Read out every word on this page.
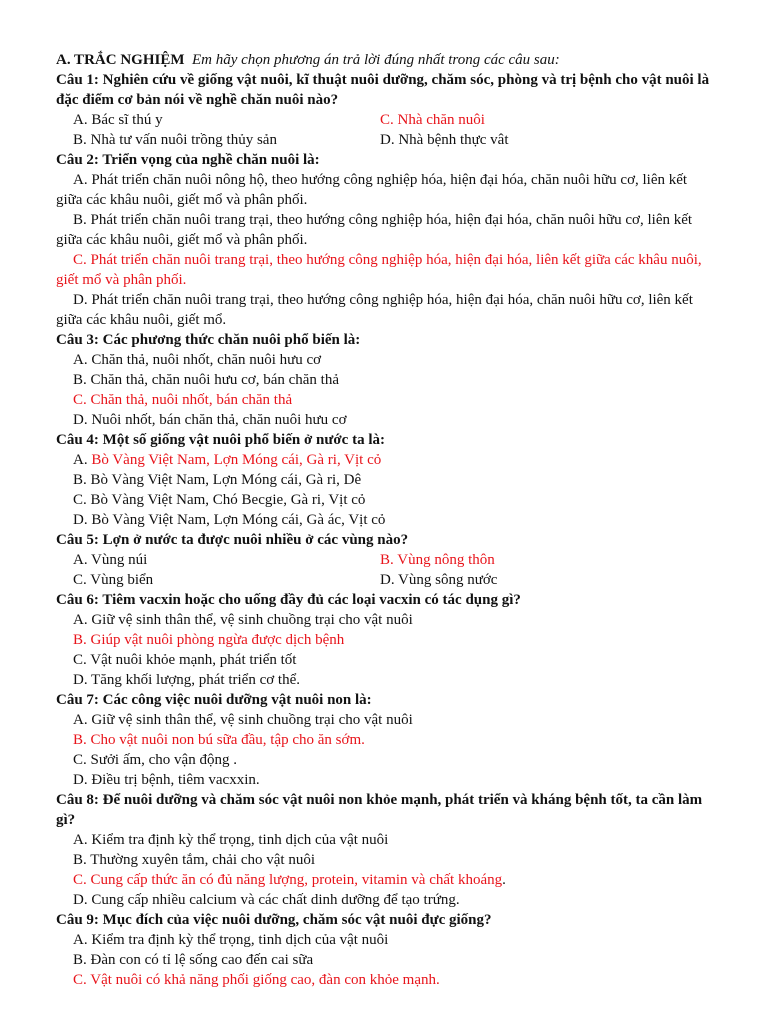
A. TRẮC NGHIỆM Em hãy chọn phương án trả lời đúng nhất trong các câu sau:
Câu 1: Nghiên cứu về giống vật nuôi, kĩ thuật nuôi dưỡng, chăm sóc, phòng và trị bệnh cho vật nuôi là đặc điểm cơ bản nói về nghề chăn nuôi nào?
A. Bác sĩ thú y	C. Nhà chăn nuôi
B. Nhà tư vấn nuôi trồng thủy sản	D. Nhà bệnh thực vât
Câu 2: Triển vọng của nghề chăn nuôi là:
A. Phát triển chăn nuôi nông hộ, theo hướng công nghiệp hóa, hiện đại hóa, chăn nuôi hữu cơ, liên kết giữa các khâu nuôi, giết mổ và phân phối.
B. Phát triển chăn nuôi trang trại, theo hướng công nghiệp hóa, hiện đại hóa, chăn nuôi hữu cơ, liên kết giữa các khâu nuôi, giết mổ và phân phối.
C. Phát triển chăn nuôi trang trại, theo hướng công nghiệp hóa, hiện đại hóa, liên kết giữa các khâu nuôi, giết mổ và phân phối.
D. Phát triển chăn nuôi trang trại, theo hướng công nghiệp hóa, hiện đại hóa, chăn nuôi hữu cơ, liên kết giữa các khâu nuôi, giết mổ.
Câu 3: Các phương thức chăn nuôi phổ biến là:
A. Chăn thả, nuôi nhốt, chăn nuôi hưu cơ
B. Chăn thả, chăn nuôi hưu cơ, bán chăn thả
C. Chăn thả, nuôi nhốt, bán chăn thả
D. Nuôi nhốt, bán chăn thả, chăn nuôi hưu cơ
Câu 4: Một số giống vật nuôi phổ biến ở nước ta là:
A. Bò Vàng Việt Nam, Lợn Móng cái, Gà ri, Vịt cỏ
B. Bò Vàng Việt Nam, Lợn Móng cái, Gà ri, Dê
C. Bò Vàng Việt Nam, Chó Becgie, Gà ri, Vịt cỏ
D. Bò Vàng Việt Nam, Lợn Móng cái, Gà ác, Vịt cỏ
Câu 5: Lợn ở nước ta được nuôi nhiều ở các vùng nào?
A. Vùng núi	B. Vùng nông thôn
C. Vùng biển	D. Vùng sông nước
Câu 6: Tiêm vacxin hoặc cho uống đầy đủ các loại vacxin có tác dụng gì?
A. Giữ vệ sinh thân thể, vệ sinh chuồng trại cho vật nuôi
B. Giúp vật nuôi phòng ngừa được dịch bệnh
C. Vật nuôi khỏe mạnh, phát triển tốt
D. Tăng khối lượng, phát triển cơ thể.
Câu 7: Các công việc nuôi dưỡng vật nuôi non là:
A. Giữ vệ sinh thân thể, vệ sinh chuồng trại cho vật nuôi
B. Cho vật nuôi non bú sữa đầu, tập cho ăn sớm.
C. Sưởi ấm, cho vận động .
D. Điều trị bệnh, tiêm vacxxin.
Câu 8: Để nuôi dưỡng và chăm sóc vật nuôi non khỏe mạnh, phát triển và kháng bệnh tốt, ta cần làm gì?
A. Kiểm tra định kỳ thể trọng, tinh dịch của vật nuôi
B. Thường xuyên tắm, chải cho vật nuôi
C. Cung cấp thức ăn có đủ năng lượng, protein, vitamin và chất khoáng.
D. Cung cấp nhiều calcium và các chất dinh dưỡng để tạo trứng.
Câu 9: Mục đích của việc nuôi dưỡng, chăm sóc vật nuôi đực giống?
A. Kiểm tra định kỳ thể trọng, tinh dịch của vật nuôi
B. Đàn con có tỉ lệ sống cao đến cai sữa
C. Vật nuôi có khả năng phối giống cao, đàn con khỏe mạnh.
